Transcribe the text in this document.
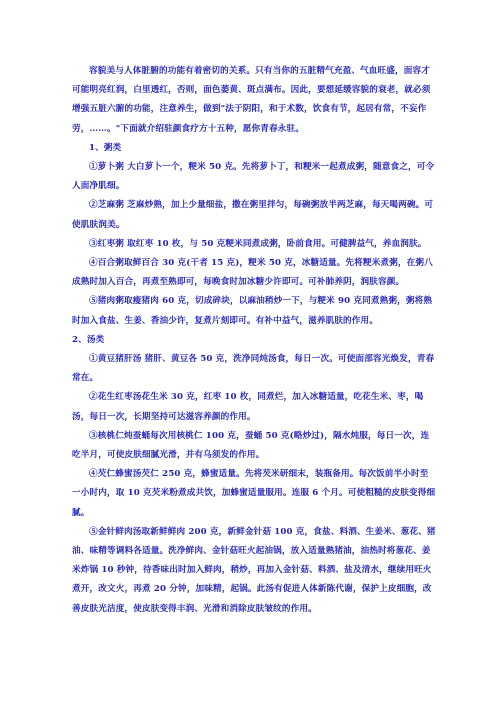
容貌美与人体脏腑的功能有着密切的关系。只有当你的五脏精气充盈、气血旺盛，面容才可能明亮红润，白里透红，否则，面色萎黄、斑点满布。因此，要想延缓容貌的衰老，就必须增强五脏六腑的功能，注意养生，做到"法于阴阳，和于术数，饮食有节，起居有常，不妄作劳，……。"下面就介绍驻颜食疗方十五种，愿你青春永驻。

1、粥类

①萝卜粥 大白萝卜一个，粳米 50 克。先将萝卜丁，和粳米一起煮成粥，随意食之，可令人面净肌细。

②芝麻粥 芝麻炒熟，加上少量细盐，撒在粥里拌匀，每碗粥放半两芝麻，每天喝两碗。可使肌肤润美。

③红枣粥 取红枣 10 枚，与 50 克粳米同煮成粥，卧前食用。可健脾益气，养血润肤。

④百合粥取鲜百合 30 克(干者 15 克)，粳米 50 克，冰糖适量。先将粳米煮粥，在粥八成熟时加入百合，再煮至熟即可，每晚食时加冰糖少许即可。可补肺养阴，润肤容颜。

⑤猪肉粥取瘦猪肉 60 克，切成碎块，以麻油稍炒一下，与粳米 90 克同煮熟粥，粥将熟时加入食盐、生姜、香油少许，复煮片刻即可。有补中益气，滋养肌肤的作用。

2、汤类

①黄豆猪肝汤 猪肝、黄豆各 50 克，洗净同炖汤食，每日一次。可使面部容光焕发，青春常在。

②花生红枣汤花生米 30 克，红枣 10 枚，同煮烂，加入冰糖适量，吃花生米、枣，喝汤，每日一次，长期坚持可达滋容养颜的作用。

③核桃仁炖蚕蛹每次用核桃仁 100 克，蚕蛹 50 克(略炒过)，隔水炖服，每日一次，连吃半月，可使皮肤细腻光滑，并有乌须发的作用。

④芡仁蜂蜜汤芡仁 250 克，蜂蜜适量。先将芡米研细末，装瓶备用。每次饭前半小时至一小时内，取 10 克芡米粉煮成共饮，加蜂蜜适量服用。连服 6 个月。可使粗糙的皮肤变得细腻。

⑤金针鲜肉汤取新鲜鲜肉 200 克，新鲜金针菇 100 克，食盐、料酒、生姜米、葱花、猪油、味精等调料各适量。洗净鲜肉、金针菇旺火起油锅，放入适量熟猪油，油热时将葱花、姜米炸锅 10 秒钟，待香味出时加入鲜肉，稍炒，再加入金针菇、料酒、盐及清水，继续用旺火煮开，改文火，再煮 20 分钟，加味精，起锅。此汤有促进人体新陈代谢，保护上皮细胞，改善皮肤光洁度，使皮肤变得丰润、光滑和消除皮肤皱纹的作用。
